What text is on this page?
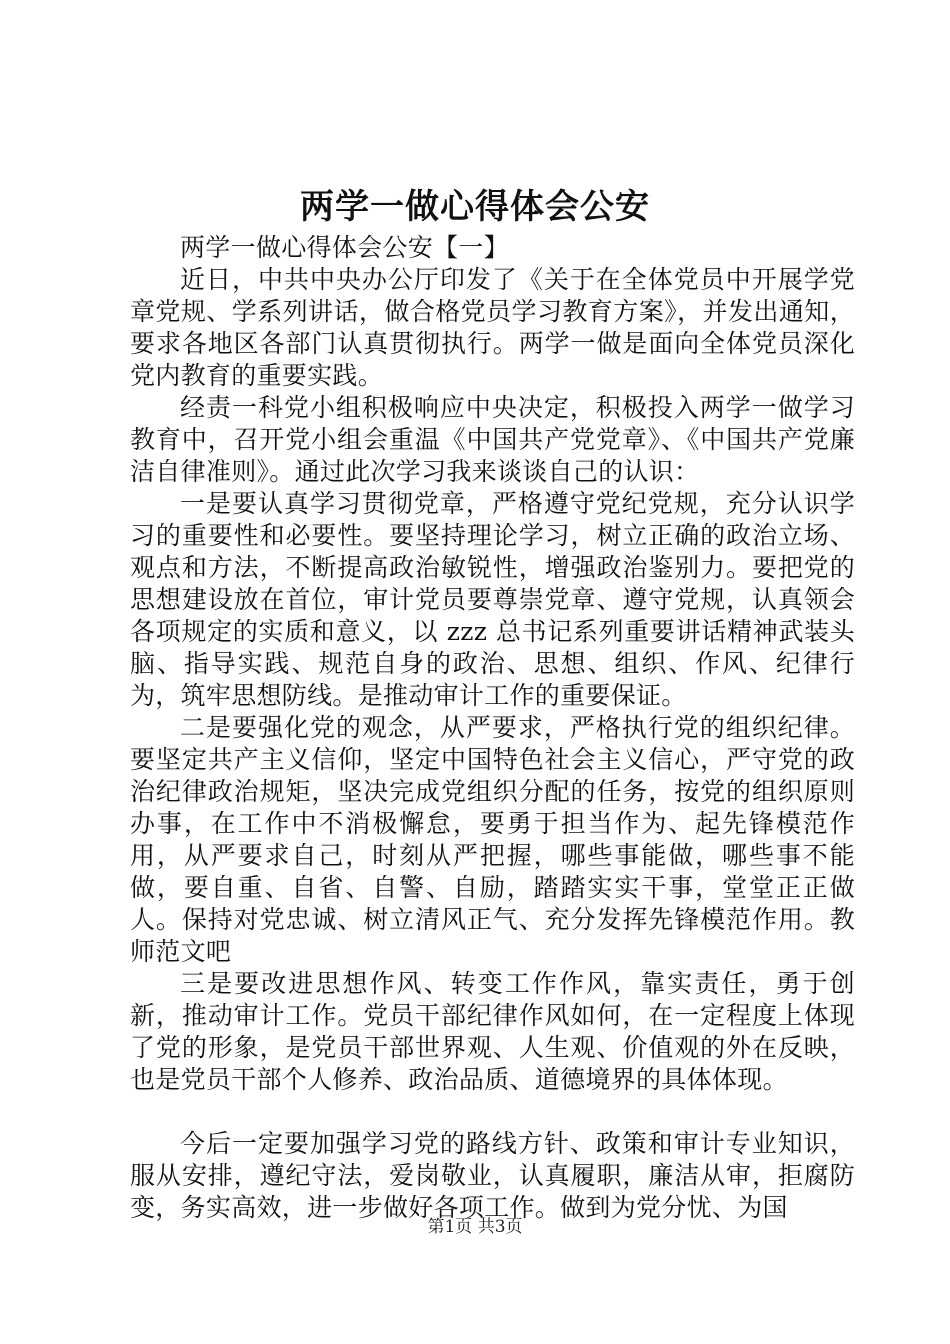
两学一做心得体会公安

两学一做心得体会公安【一】

近日，中共中央办公厅印发了《关于在全体党员中开展学党章党规、学系列讲话，做合格党员学习教育方案》，并发出通知，要求各地区各部门认真贯彻执行。两学一做是面向全体党员深化党内教育的重要实践。

经责一科党小组积极响应中央决定，积极投入两学一做学习教育中，召开党小组会重温《中国共产党党章》、《中国共产党廉洁自律准则》。通过此次学习我来谈谈自己的认识：

一是要认真学习贯彻党章，严格遵守党纪党规，充分认识学习的重要性和必要性。要坚持理论学习，树立正确的政治立场、观点和方法，不断提高政治敏锐性，增强政治鉴别力。要把党的思想建设放在首位，审计党员要尊崇党章、遵守党规，认真领会各项规定的实质和意义，以 zzz 总书记系列重要讲话精神武装头脑、指导实践、规范自身的政治、思想、组织、作风、纪律行为，筑牢思想防线。是推动审计工作的重要保证。

二是要强化党的观念，从严要求，严格执行党的组织纪律。要坚定共产主义信仰，坚定中国特色社会主义信心，严守党的政治纪律政治规矩，坚决完成党组织分配的任务，按党的组织原则办事，在工作中不消极懈怠，要勇于担当作为、起先锋模范作用，从严要求自己，时刻从严把握，哪些事能做，哪些事不能做，要自重、自省、自警、自励，踏踏实实干事，堂堂正正做人。保持对党忠诚、树立清风正气、充分发挥先锋模范作用。教师范文吧

三是要改进思想作风、转变工作作风，靠实责任，勇于创新，推动审计工作。党员干部纪律作风如何，在一定程度上体现了党的形象，是党员干部世界观、人生观、价值观的外在反映，也是党员干部个人修养、政治品质、道德境界的具体体现。

今后一定要加强学习党的路线方针、政策和审计专业知识，服从安排，遵纪守法，爱岗敬业，认真履职，廉洁从审，拒腐防变，务实高效，进一步做好各项工作。做到为党分忧、为国

第1页 共3页
